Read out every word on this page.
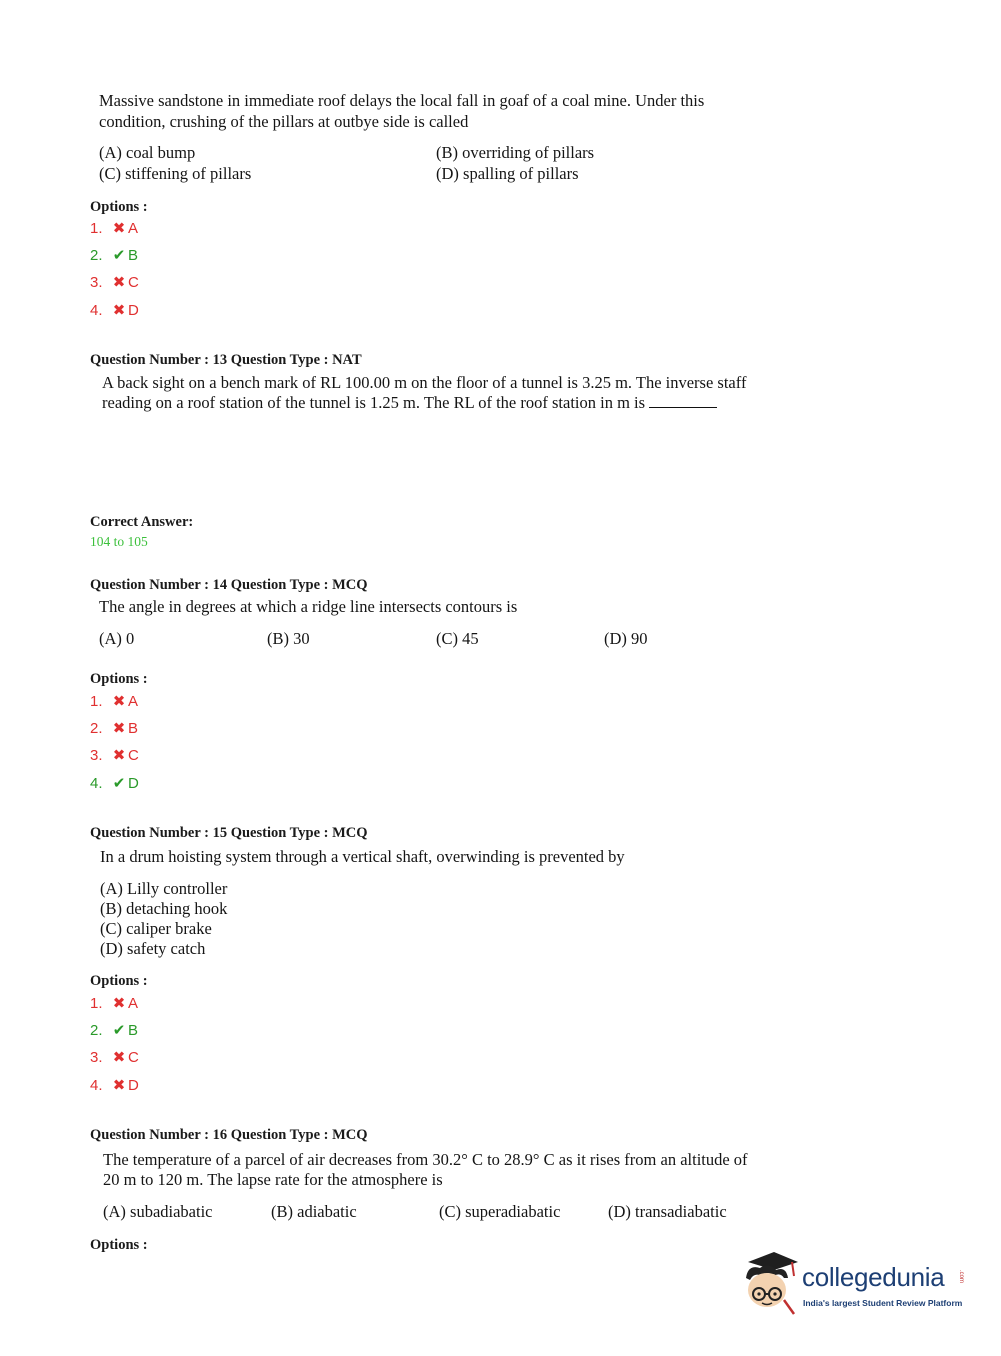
Massive sandstone in immediate roof delays the local fall in goaf of a coal mine. Under this
condition, crushing of the pillars at outbye side is called
(A) coal bump	(B) overriding of pillars
(C) stiffening of pillars	(D) spalling of pillars
Options :
1. ✖ A
2. ✔ B
3. ✖ C
4. ✖ D
Question Number : 13 Question Type : NAT
A back sight on a bench mark of RL 100.00 m on the floor of a tunnel is 3.25 m. The inverse staff
reading on a roof station of the tunnel is 1.25 m. The RL of the roof station in m is
Correct Answer:
104 to 105
Question Number : 14 Question Type : MCQ
The angle in degrees at which a ridge line intersects contours is
(A) 0	(B) 30	(C) 45	(D) 90
Options :
1. ✖ A
2. ✖ B
3. ✖ C
4. ✔ D
Question Number : 15 Question Type : MCQ
In a drum hoisting system through a vertical shaft, overwinding is prevented by
(A) Lilly controller
(B) detaching hook
(C) caliper brake
(D) safety catch
Options :
1. ✖ A
2. ✔ B
3. ✖ C
4. ✖ D
Question Number : 16 Question Type : MCQ
The temperature of a parcel of air decreases from 30.2° C to 28.9° C as it rises from an altitude of
20 m to 120 m. The lapse rate for the atmosphere is
(A) subadiabatic	(B) adiabatic	(C) superadiabatic	(D) transadiabatic
Options :
collegedunia .com
India's largest Student Review Platform
